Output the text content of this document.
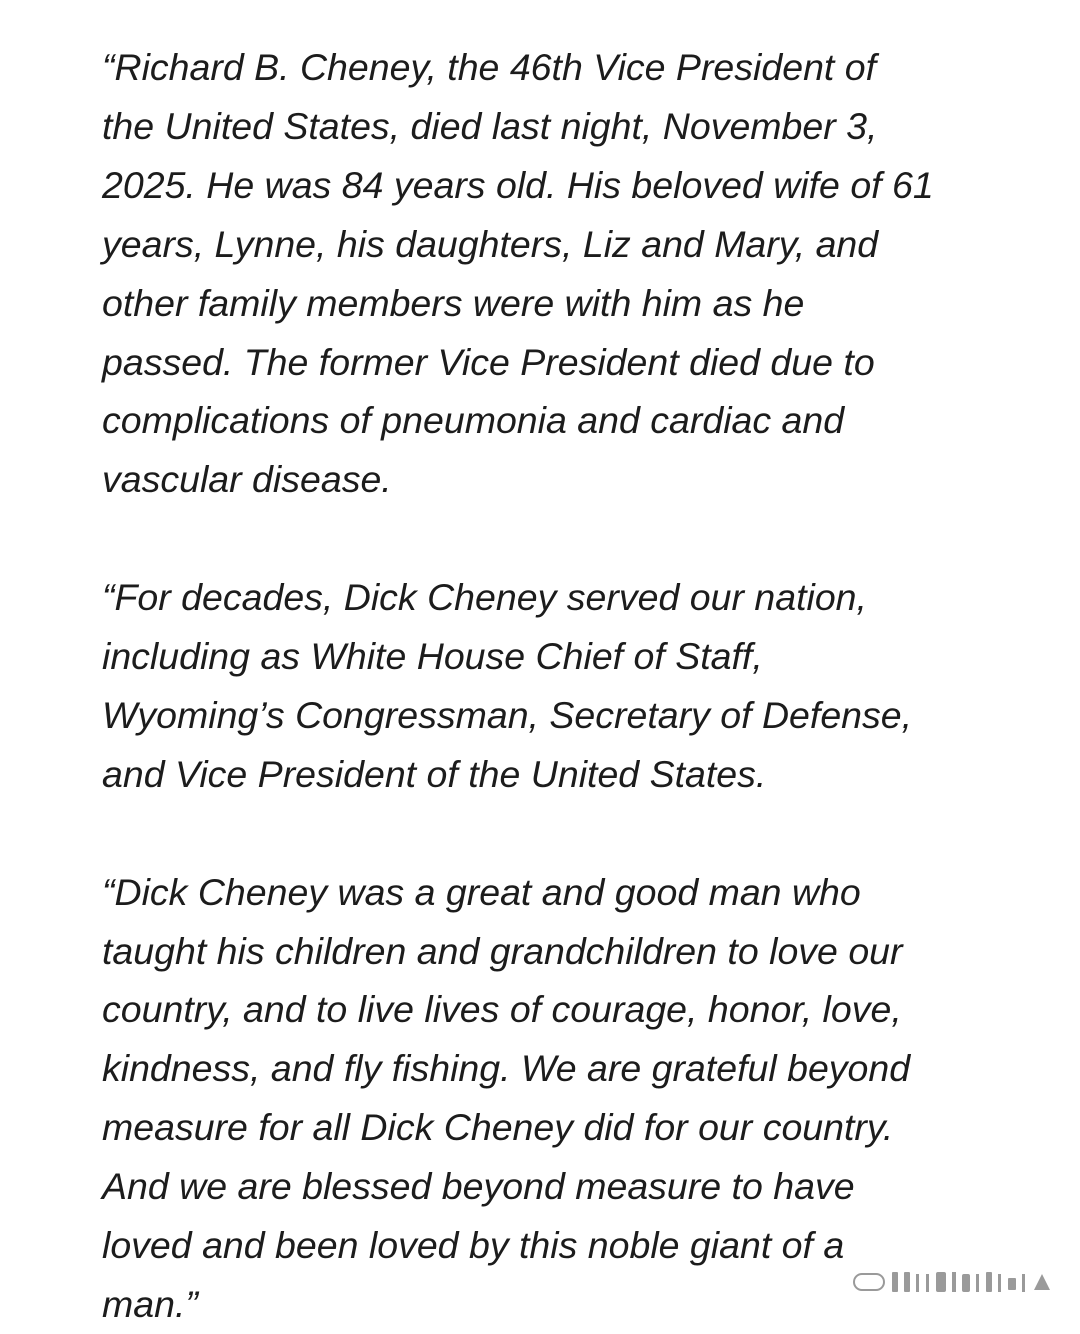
“Richard B. Cheney, the 46th Vice President of
the United States, died last night, November 3,
2025. He was 84 years old. His beloved wife of 61
years, Lynne, his daughters, Liz and Mary, and
other family members were with him as he
passed. The former Vice President died due to
complications of pneumonia and cardiac and
vascular disease.

“For decades, Dick Cheney served our nation,
including as White House Chief of Staff,
Wyoming’s Congressman, Secretary of Defense,
and Vice President of the United States.

“Dick Cheney was a great and good man who
taught his children and grandchildren to love our
country, and to live lives of courage, honor, love,
kindness, and fly fishing. We are grateful beyond
measure for all Dick Cheney did for our country.
And we are blessed beyond measure to have
loved and been loved by this noble giant of a
man.”
